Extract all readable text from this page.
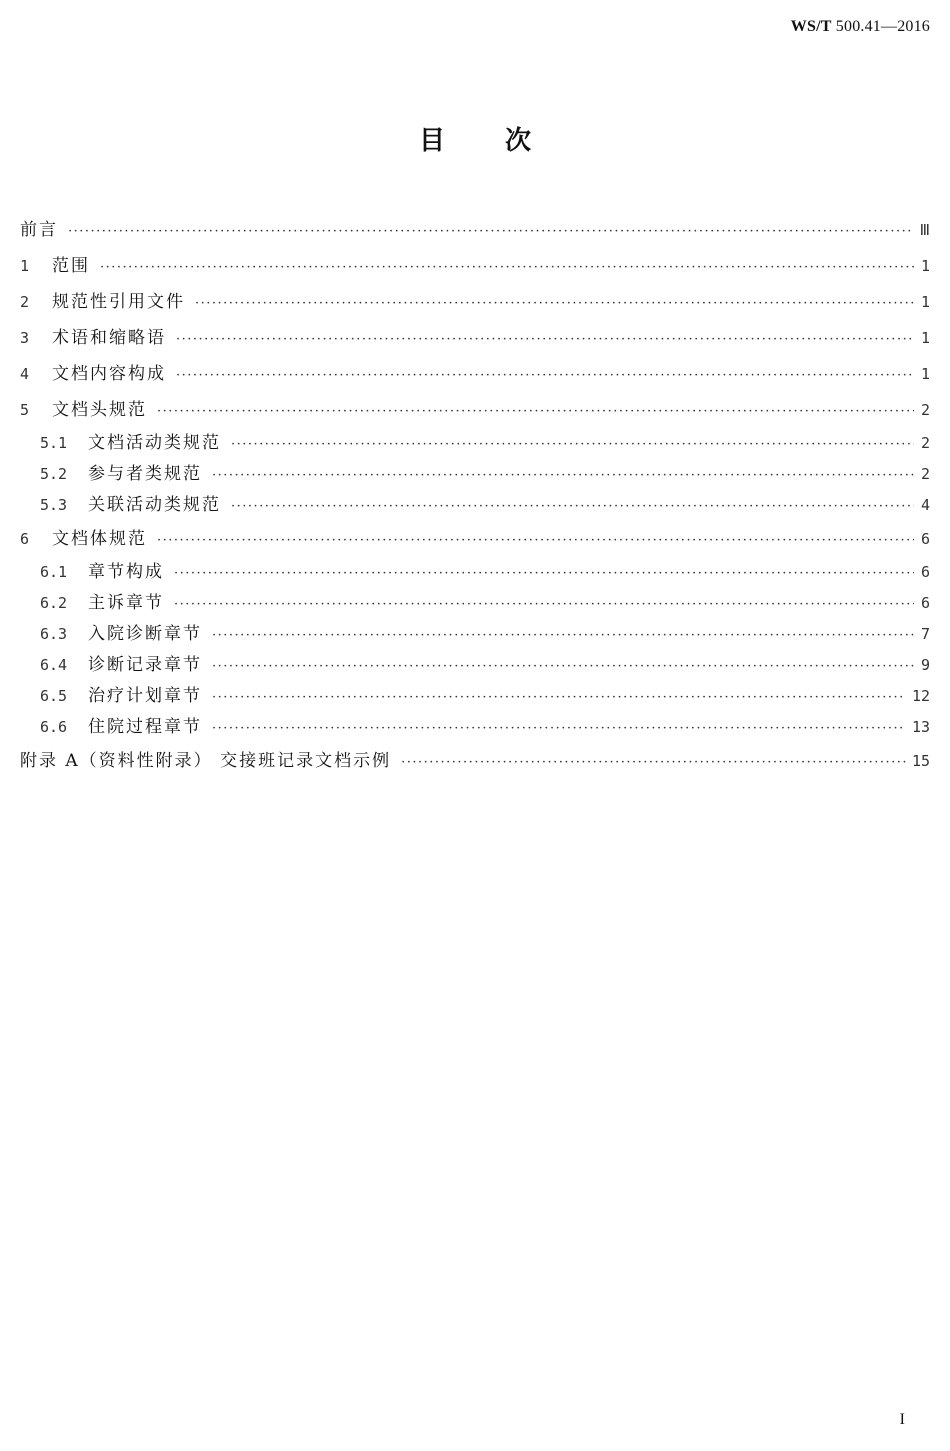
WS/T 500.41—2016
目次
前言 ·····	Ⅲ
1	范围 ·····	1
2	规范性引用文件 ·····	1
3	术语和缩略语 ·····	1
4	文档内容构成 ·····	1
5	文档头规范 ·····	2
5.1	文档活动类规范 ·····	2
5.2	参与者类规范 ·····	2
5.3	关联活动类规范 ·····	4
6	文档体规范 ·····	6
6.1	章节构成 ·····	6
6.2	主诉章节 ·····	6
6.3	入院诊断章节 ·····	7
6.4	诊断记录章节 ·····	9
6.5	治疗计划章节 ·····	12
6.6	住院过程章节 ·····	13
附录 A（资料性附录） 交接班记录文档示例 ·····	15
I
